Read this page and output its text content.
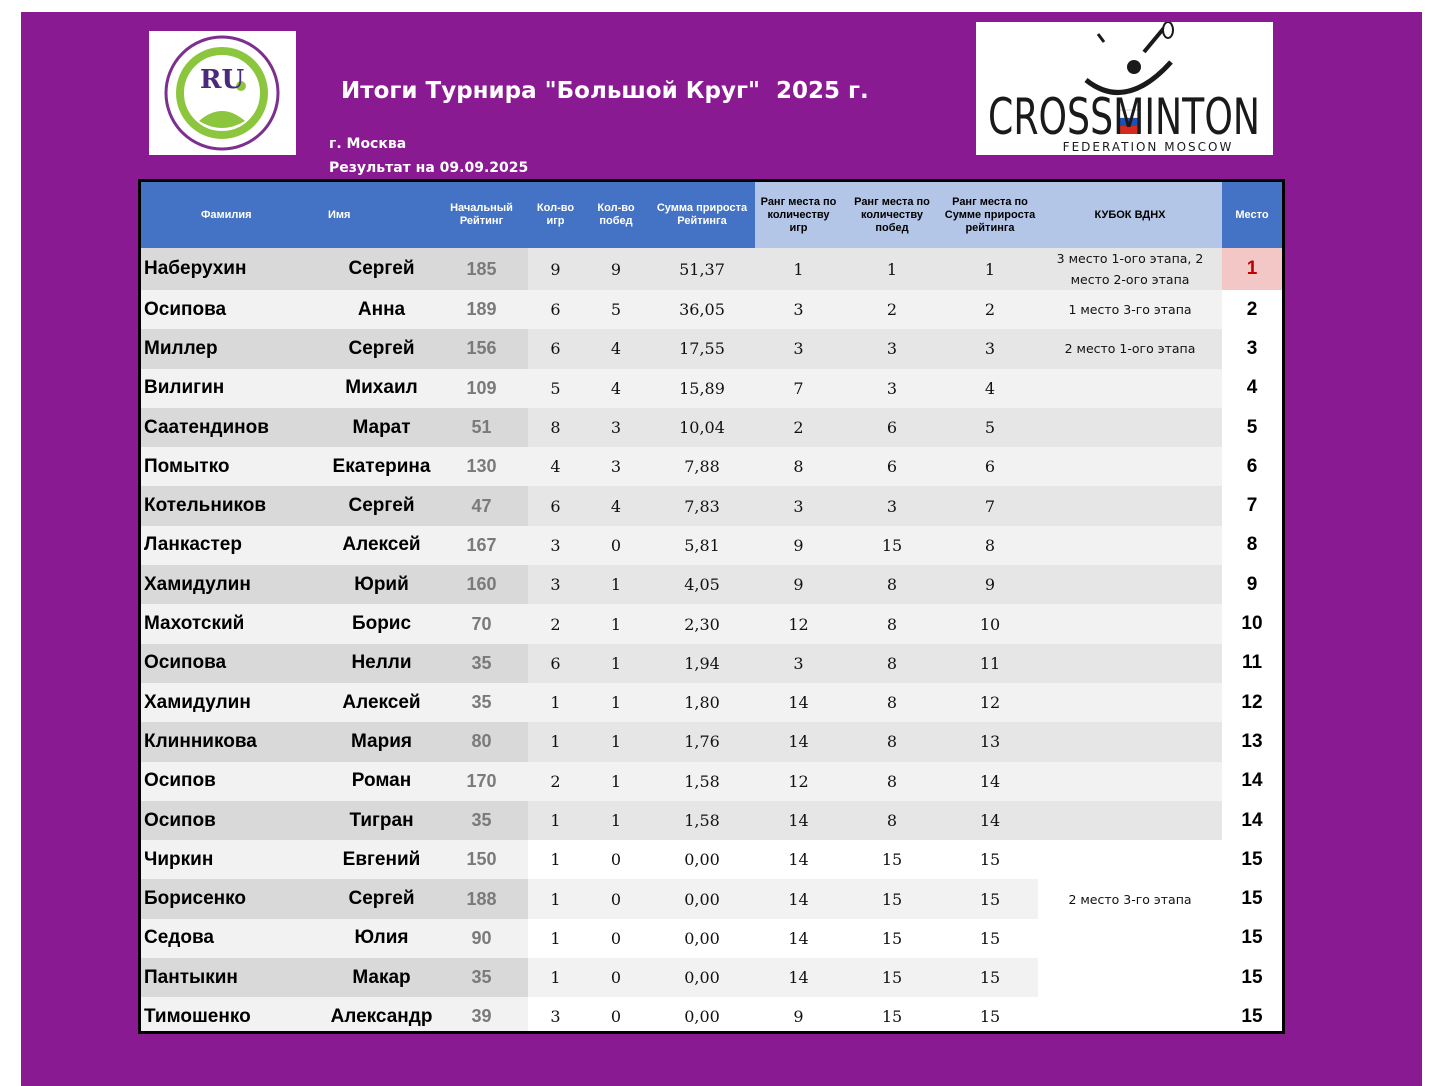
RU	Итоги Турнира "Большой Круг"  2025 г.
г. Москва
Результат на 09.09.2025
CROSSMINTON
FEDERATION MOSCOW
Фамилия	Имя	Начальный Рейтинг	Кол-во игр	Кол-во побед	Сумма прироста Рейтинга	Ранг места по количеству игр	Ранг места по количеству побед	Ранг места по Сумме прироста рейтинга	КУБОК ВДНХ	Место
Наберухин	Сергей	185	9	9	51,37	1	1	1	3 место 1-ого этапа, 2 место 2-ого этапа	1
Осипова	Анна	189	6	5	36,05	3	2	2	1 место 3-го этапа	2
Миллер	Сергей	156	6	4	17,55	3	3	3	2 место 1-ого этапа	3
Вилигин	Михаил	109	5	4	15,89	7	3	4		4
Саатендинов	Марат	51	8	3	10,04	2	6	5		5
Помытко	Екатерина	130	4	3	7,88	8	6	6		6
Котельников	Сергей	47	6	4	7,83	3	3	7		7
Ланкастер	Алексей	167	3	0	5,81	9	15	8		8
Хамидулин	Юрий	160	3	1	4,05	9	8	9		9
Махотский	Борис	70	2	1	2,30	12	8	10		10
Осипова	Нелли	35	6	1	1,94	3	8	11		11
Хамидулин	Алексей	35	1	1	1,80	14	8	12		12
Клинникова	Мария	80	1	1	1,76	14	8	13		13
Осипов	Роман	170	2	1	1,58	12	8	14		14
Осипов	Тигран	35	1	1	1,58	14	8	14		14
Чиркин	Евгений	150	1	0	0,00	14	15	15		15
Борисенко	Сергей	188	1	0	0,00	14	15	15	2 место 3-го этапа	15
Седова	Юлия	90	1	0	0,00	14	15	15		15
Пантыкин	Макар	35	1	0	0,00	14	15	15		15
Тимошенко	Александр	39	3	0	0,00	9	15	15		15
